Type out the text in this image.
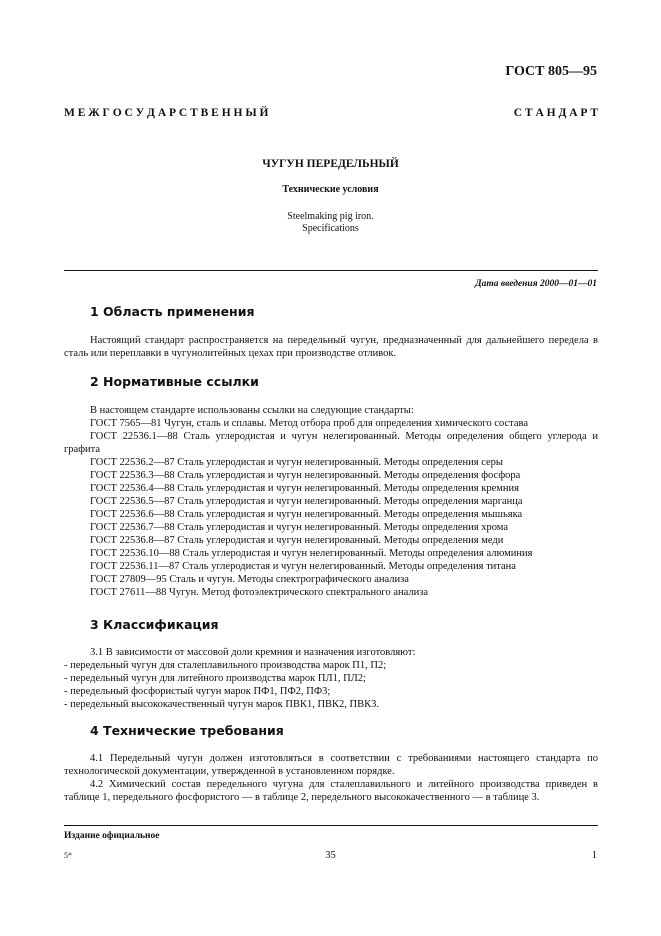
ГОСТ 805—95
М Е Ж Г О С У Д А Р С Т В Е Н Н Ы Й	С Т А Н Д А Р Т
ЧУГУН ПЕРЕДЕЛЬНЫЙ
Технические условия
Steelmaking pig iron.
Specifications
Дата введения 2000—01—01
1 Область применения

Настоящий стандарт распространяется на передельный чугун, предназначенный для дальнейшего передела в сталь или переплавки в чугунолитейных цехах при производстве отливок.

2 Нормативные ссылки

В настоящем стандарте использованы ссылки на следующие стандарты:

ГОСТ 7565—81 Чугун, сталь и сплавы. Метод отбора проб для определения химического состава

ГОСТ 22536.1—88 Сталь углеродистая и чугун нелегированный. Методы определения общего углерода и графита

ГОСТ 22536.2—87 Сталь углеродистая и чугун нелегированный. Методы определения серы

ГОСТ 22536.3—88 Сталь углеродистая и чугун нелегированный. Методы определения фосфора

ГОСТ 22536.4—88 Сталь углеродистая и чугун нелегированный. Методы определения кремния

ГОСТ 22536.5—87 Сталь углеродистая и чугун нелегированный. Методы определения марганца

ГОСТ 22536.6—88 Сталь углеродистая и чугун нелегированный. Методы определения мышьяка

ГОСТ 22536.7—88 Сталь углеродистая и чугун нелегированный. Методы определения хрома

ГОСТ 22536.8—87 Сталь углеродистая и чугун нелегированный. Методы определения меди

ГОСТ 22536.10—88 Сталь углеродистая и чугун нелегированный. Методы определения алюминия

ГОСТ 22536.11—87 Сталь углеродистая и чугун нелегированный. Методы определения титана

ГОСТ 27809—95 Сталь и чугун. Методы спектрографического анализа

ГОСТ 27611—88 Чугун. Метод фотоэлектрического спектрального анализа

3 Классификация

3.1 В зависимости от массовой доли кремния и назначения изготовляют:

- передельный чугун для сталеплавильного производства марок П1, П2;

- передельный чугун для литейного производства марок ПЛ1, ПЛ2;

- передельный фосфористый чугун марок ПФ1, ПФ2, ПФ3;

- передельный высококачественный чугун марок ПВК1, ПВК2, ПВК3.

4 Технические требования

4.1 Передельный чугун должен изготовляться в соответствии с требованиями настоящего стандарта по технологической документации, утвержденной в установленном порядке.

4.2 Химический состав передельного чугуна для сталеплавильного и литейного производства приведен в таблице 1, передельного фосфористого — в таблице 2, передельного высококачественного — в таблице 3.

Издание официальное
5*	35	1
